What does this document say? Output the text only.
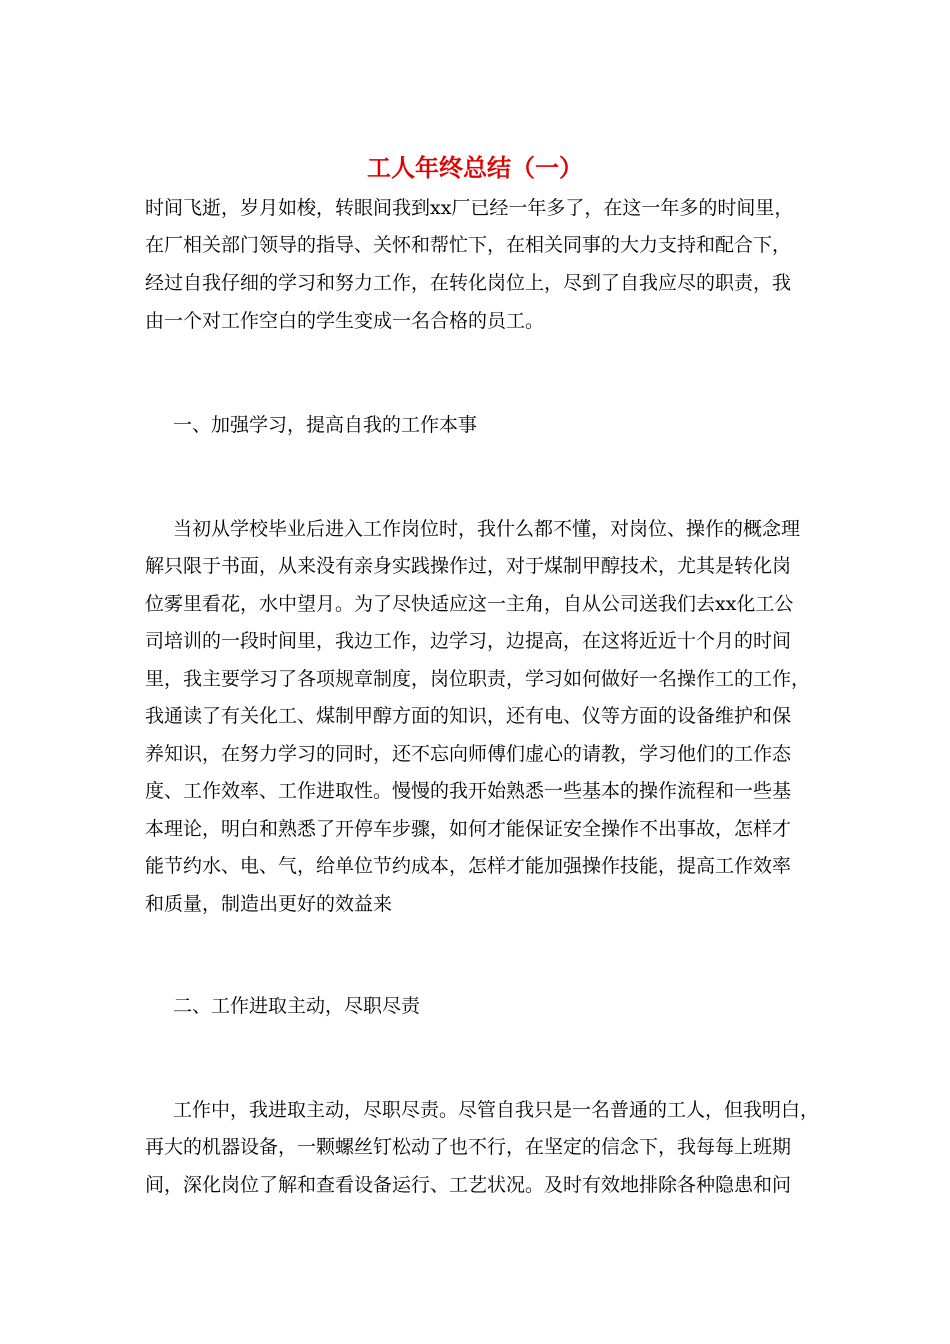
工人年终总结（一）

时间飞逝，岁月如梭，转眼间我到xx厂已经一年多了，在这一年多的时间里，

在厂相关部门领导的指导、关怀和帮忙下，在相关同事的大力支持和配合下，

经过自我仔细的学习和努力工作，在转化岗位上，尽到了自我应尽的职责，我

由一个对工作空白的学生变成一名合格的员工。

一、加强学习，提高自我的工作本事

当初从学校毕业后进入工作岗位时，我什么都不懂，对岗位、操作的概念理

解只限于书面，从来没有亲身实践操作过，对于煤制甲醇技术，尤其是转化岗

位雾里看花，水中望月。为了尽快适应这一主角，自从公司送我们去xx化工公

司培训的一段时间里，我边工作，边学习，边提高，在这将近近十个月的时间

里，我主要学习了各项规章制度，岗位职责，学习如何做好一名操作工的工作，

我通读了有关化工、煤制甲醇方面的知识，还有电、仪等方面的设备维护和保

养知识，在努力学习的同时，还不忘向师傅们虚心的请教，学习他们的工作态

度、工作效率、工作进取性。慢慢的我开始熟悉一些基本的操作流程和一些基

本理论，明白和熟悉了开停车步骤，如何才能保证安全操作不出事故，怎样才

能节约水、电、气，给单位节约成本，怎样才能加强操作技能，提高工作效率

和质量，制造出更好的效益来

二、工作进取主动，尽职尽责

工作中，我进取主动，尽职尽责。尽管自我只是一名普通的工人，但我明白，

再大的机器设备，一颗螺丝钉松动了也不行，在坚定的信念下，我每每上班期

间，深化岗位了解和查看设备运行、工艺状况。及时有效地排除各种隐患和问
